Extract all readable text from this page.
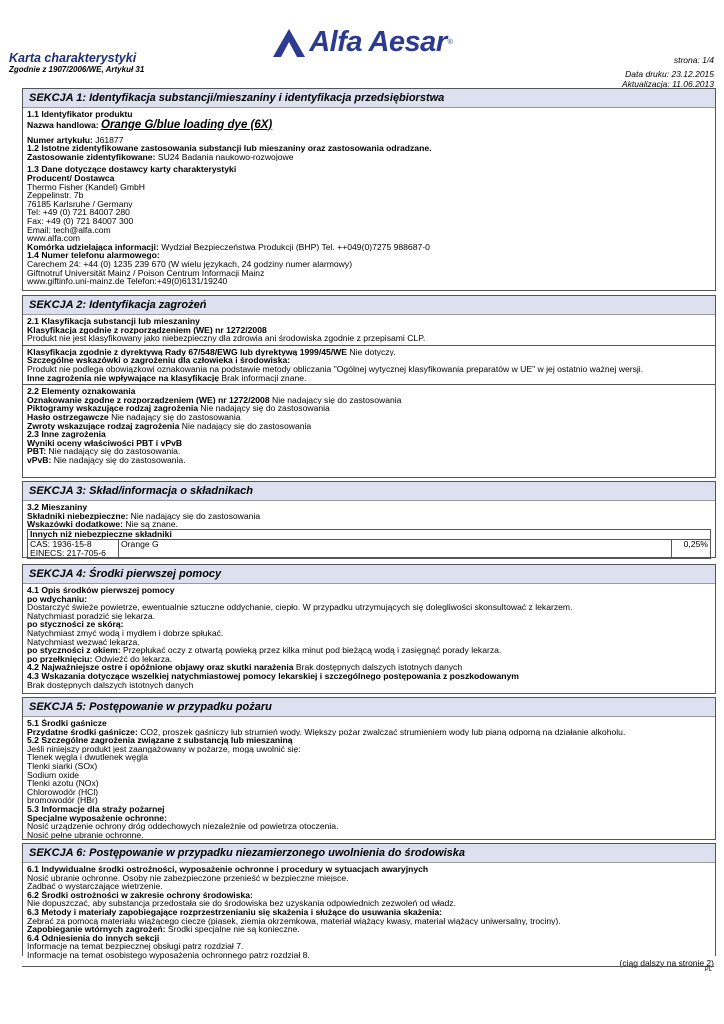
Alfa Aesar ®
Karta charakterystyki
Zgodnie z 1907/2006/WE, Artykuł 31
strona: 1/4
Data druku: 23.12.2015
Aktualizacja: 11.06.2013
SEKCJA 1: Identyfikacja substancji/mieszaniny i identyfikacja przedsiębiorstwa
1.1 Identyfikator produktu
Nazwa handlowa: Orange G/blue loading dye (6X)
Numer artykułu: J61877
1.2 Istotne zidentyfikowane zastosowania substancji lub mieszaniny oraz zastosowania odradzane.
Zastosowanie zidentyfikowane: SU24 Badania naukowo-rozwojowe
1.3 Dane dotyczące dostawcy karty charakterystyki
Producent/ Dostawca
Thermo Fisher (Kandel) GmbH
Zeppelinstr. 7b
76185 Karlsruhe / Germany
Tel: +49 (0) 721 84007 280
Fax: +49 (0) 721 84007 300
Email: tech@alfa.com
www.alfa.com
Komórka udzielająca informacji: Wydział Bezpieczeństwa Produkcji (BHP) Tel. ++049(0)7275 988687-0
1.4 Numer telefonu alarmowego:
Carechem 24: +44 (0) 1235 239 670 (W wielu językach, 24 godziny numer alarmowy)
Giftnotruf Universität Mainz / Poison Centrum Informacji Mainz
www.giftinfo.uni-mainz.de Telefon:+49(0)6131/19240
SEKCJA 2: Identyfikacja zagrożeń
2.1 Klasyfikacja substancji lub mieszaniny
Klasyfikacja zgodnie z rozporządzeniem (WE) nr 1272/2008
Produkt nie jest klasyfikowany jako niebezpieczny dla zdrowia ani środowiska zgodnie z przepisami CLP.
Klasyfikacja zgodnie z dyrektywą Rady 67/548/EWG lub dyrektywą 1999/45/WE Nie dotyczy.
Szczególne wskazówki o zagrożeniu dla człowieka i środowiska:
Produkt nie podlega obowiązkowi oznakowania na podstawie metody obliczania "Ogólnej wytycznej klasyfikowania preparatów w UE" w jej ostatnio ważnej wersji.
Inne zagrożenia nie wpływające na klasyfikację Brak informacji znane.
2.2 Elementy oznakowania
Oznakowanie zgodne z rozporządzeniem (WE) nr 1272/2008 Nie nadający się do zastosowania
Piktogramy wskazujące rodzaj zagrożenia Nie nadający się do zastosowania
Hasło ostrzegawcze Nie nadający się do zastosowania
Zwroty wskazujące rodzaj zagrożenia Nie nadający się do zastosowania
2.3 Inne zagrożenia
Wyniki oceny właściwości PBT i vPvB
PBT: Nie nadający się do zastosowania.
vPvB: Nie nadający się do zastosowania.
SEKCJA 3: Skład/informacja o składnikach
3.2 Mieszaniny
Składniki niebezpieczne: Nie nadający się do zastosowania
Wskazówki dodatkowe: Nie są znane.
Innych niż niebezpieczne składniki

CAS: 1936-15-8
EINECS: 217-705-6
	Orange G	0,25%
SEKCJA 4: Środki pierwszej pomocy
4.1 Opis środków pierwszej pomocy
po wdychaniu:
Dostarczyć świeże powietrze, ewentualnie sztuczne oddychanie, ciepło. W przypadku utrzymujących się dolegliwości skonsultować z lekarzem.
Natychmiast poradzić się lekarza.
po styczności ze skórą:
Natychmiast zmyć wodą i mydłem i dobrze spłukać.
Natychmiast wezwać lekarza.
po styczności z okiem: Przepłukać oczy z otwartą powieką przez kilka minut pod bieżącą wodą i zasięgnąć porady lekarza.
po przełknięciu: Odwieźć do lekarza.
4.2 Najważniejsze ostre i opóźnione objawy oraz skutki narażenia Brak dostępnych dalszych istotnych danych
4.3 Wskazania dotyczące wszelkiej natychmiastowej pomocy lekarskiej i szczególnego postępowania z poszkodowanym
Brak dostępnych dalszych istotnych danych
SEKCJA 5: Postępowanie w przypadku pożaru
5.1 Środki gaśnicze
Przydatne środki gaśnicze: CO2, proszek gaśniczy lub strumień wody. Większy pożar zwalczać strumieniem wody lub pianą odporną na działanie alkoholu.
5.2 Szczególne zagrożenia związane z substancją lub mieszaniną
Jeśli niniejszy produkt jest zaangażowany w pożarze, mogą uwolnić się:
Tlenek węgla i dwutlenek węgla
Tlenki siarki (SOx)
Sodium oxide
Tlenki azotu (NOx)
Chlorowodór (HCl)
bromowodór (HBr)
5.3 Informacje dla straży pożarnej
Specjalne wyposażenie ochronne:
Nosić urządzenie ochrony dróg oddechowych niezależnie od powietrza otoczenia.
Nosić pełne ubranie ochronne.
SEKCJA 6: Postępowanie w przypadku niezamierzonego uwolnienia do środowiska
6.1 Indywidualne środki ostrożności, wyposażenie ochronne i procedury w sytuacjach awaryjnych
Nosić ubranie ochronne. Osoby nie zabezpieczone przenieść w bezpieczne miejsce.
Zadbać o wystarczające wietrzenie.
6.2 Środki ostrożności w zakresie ochrony środowiska:
Nie dopuszczać, aby substancja przedostała sie do środowiska bez uzyskania odpowiednich zezwoleń od władz.
6.3 Metody i materiały zapobiegające rozprzestrzenianiu się skażenia i służące do usuwania skażenia:
Zebrać za pomocą materiału wiążącego ciecze (piasek, ziemia okrzemkowa, materiał wiążący kwasy, materiał wiążący uniwersalny, trociny).
Zapobieganie wtórnych zagrożeń: Środki specjalne nie są konieczne.
6.4 Odniesienia do innych sekcji
Informacje na temat bezpiecznej obsługi patrz rozdział 7.
Informacje na temat osobistego wyposażenia ochronnego patrz rozdział 8.
(ciąg dalszy na stronie 2)
PL
